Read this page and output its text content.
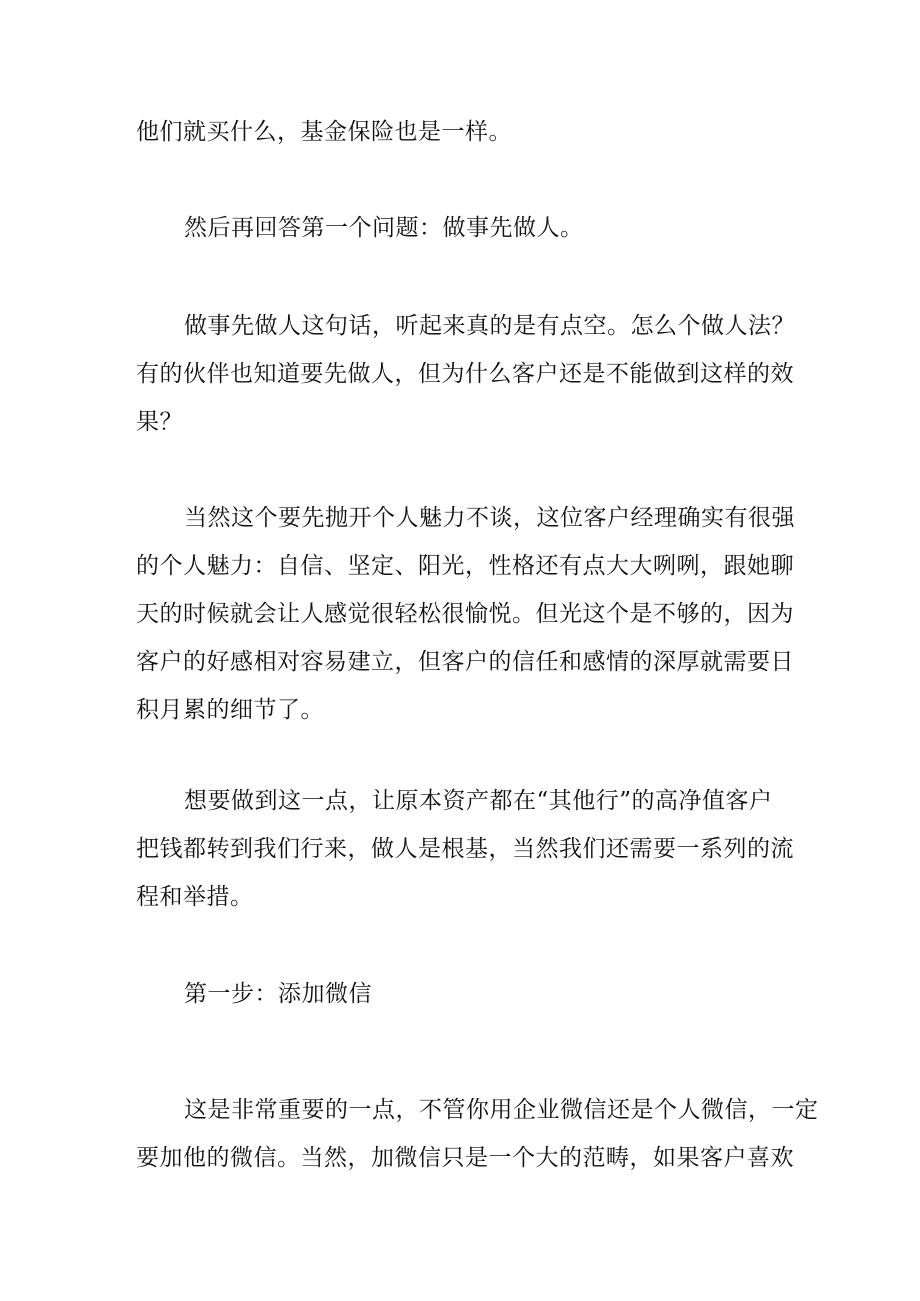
他们就买什么，基金保险也是一样。

然后再回答第一个问题：做事先做人。

做事先做人这句话，听起来真的是有点空。怎么个做人法？
有的伙伴也知道要先做人，但为什么客户还是不能做到这样的效
果？

当然这个要先抛开个人魅力不谈，这位客户经理确实有很强
的个人魅力：自信、坚定、阳光，性格还有点大大咧咧，跟她聊
天的时候就会让人感觉很轻松很愉悦。但光这个是不够的，因为
客户的好感相对容易建立，但客户的信任和感情的深厚就需要日
积月累的细节了。

想要做到这一点，让原本资产都在“其他行”的高净值客户
把钱都转到我们行来，做人是根基，当然我们还需要一系列的流
程和举措。

第一步：添加微信

这是非常重要的一点，不管你用企业微信还是个人微信，一定
要加他的微信。当然，加微信只是一个大的范畴，如果客户喜欢
